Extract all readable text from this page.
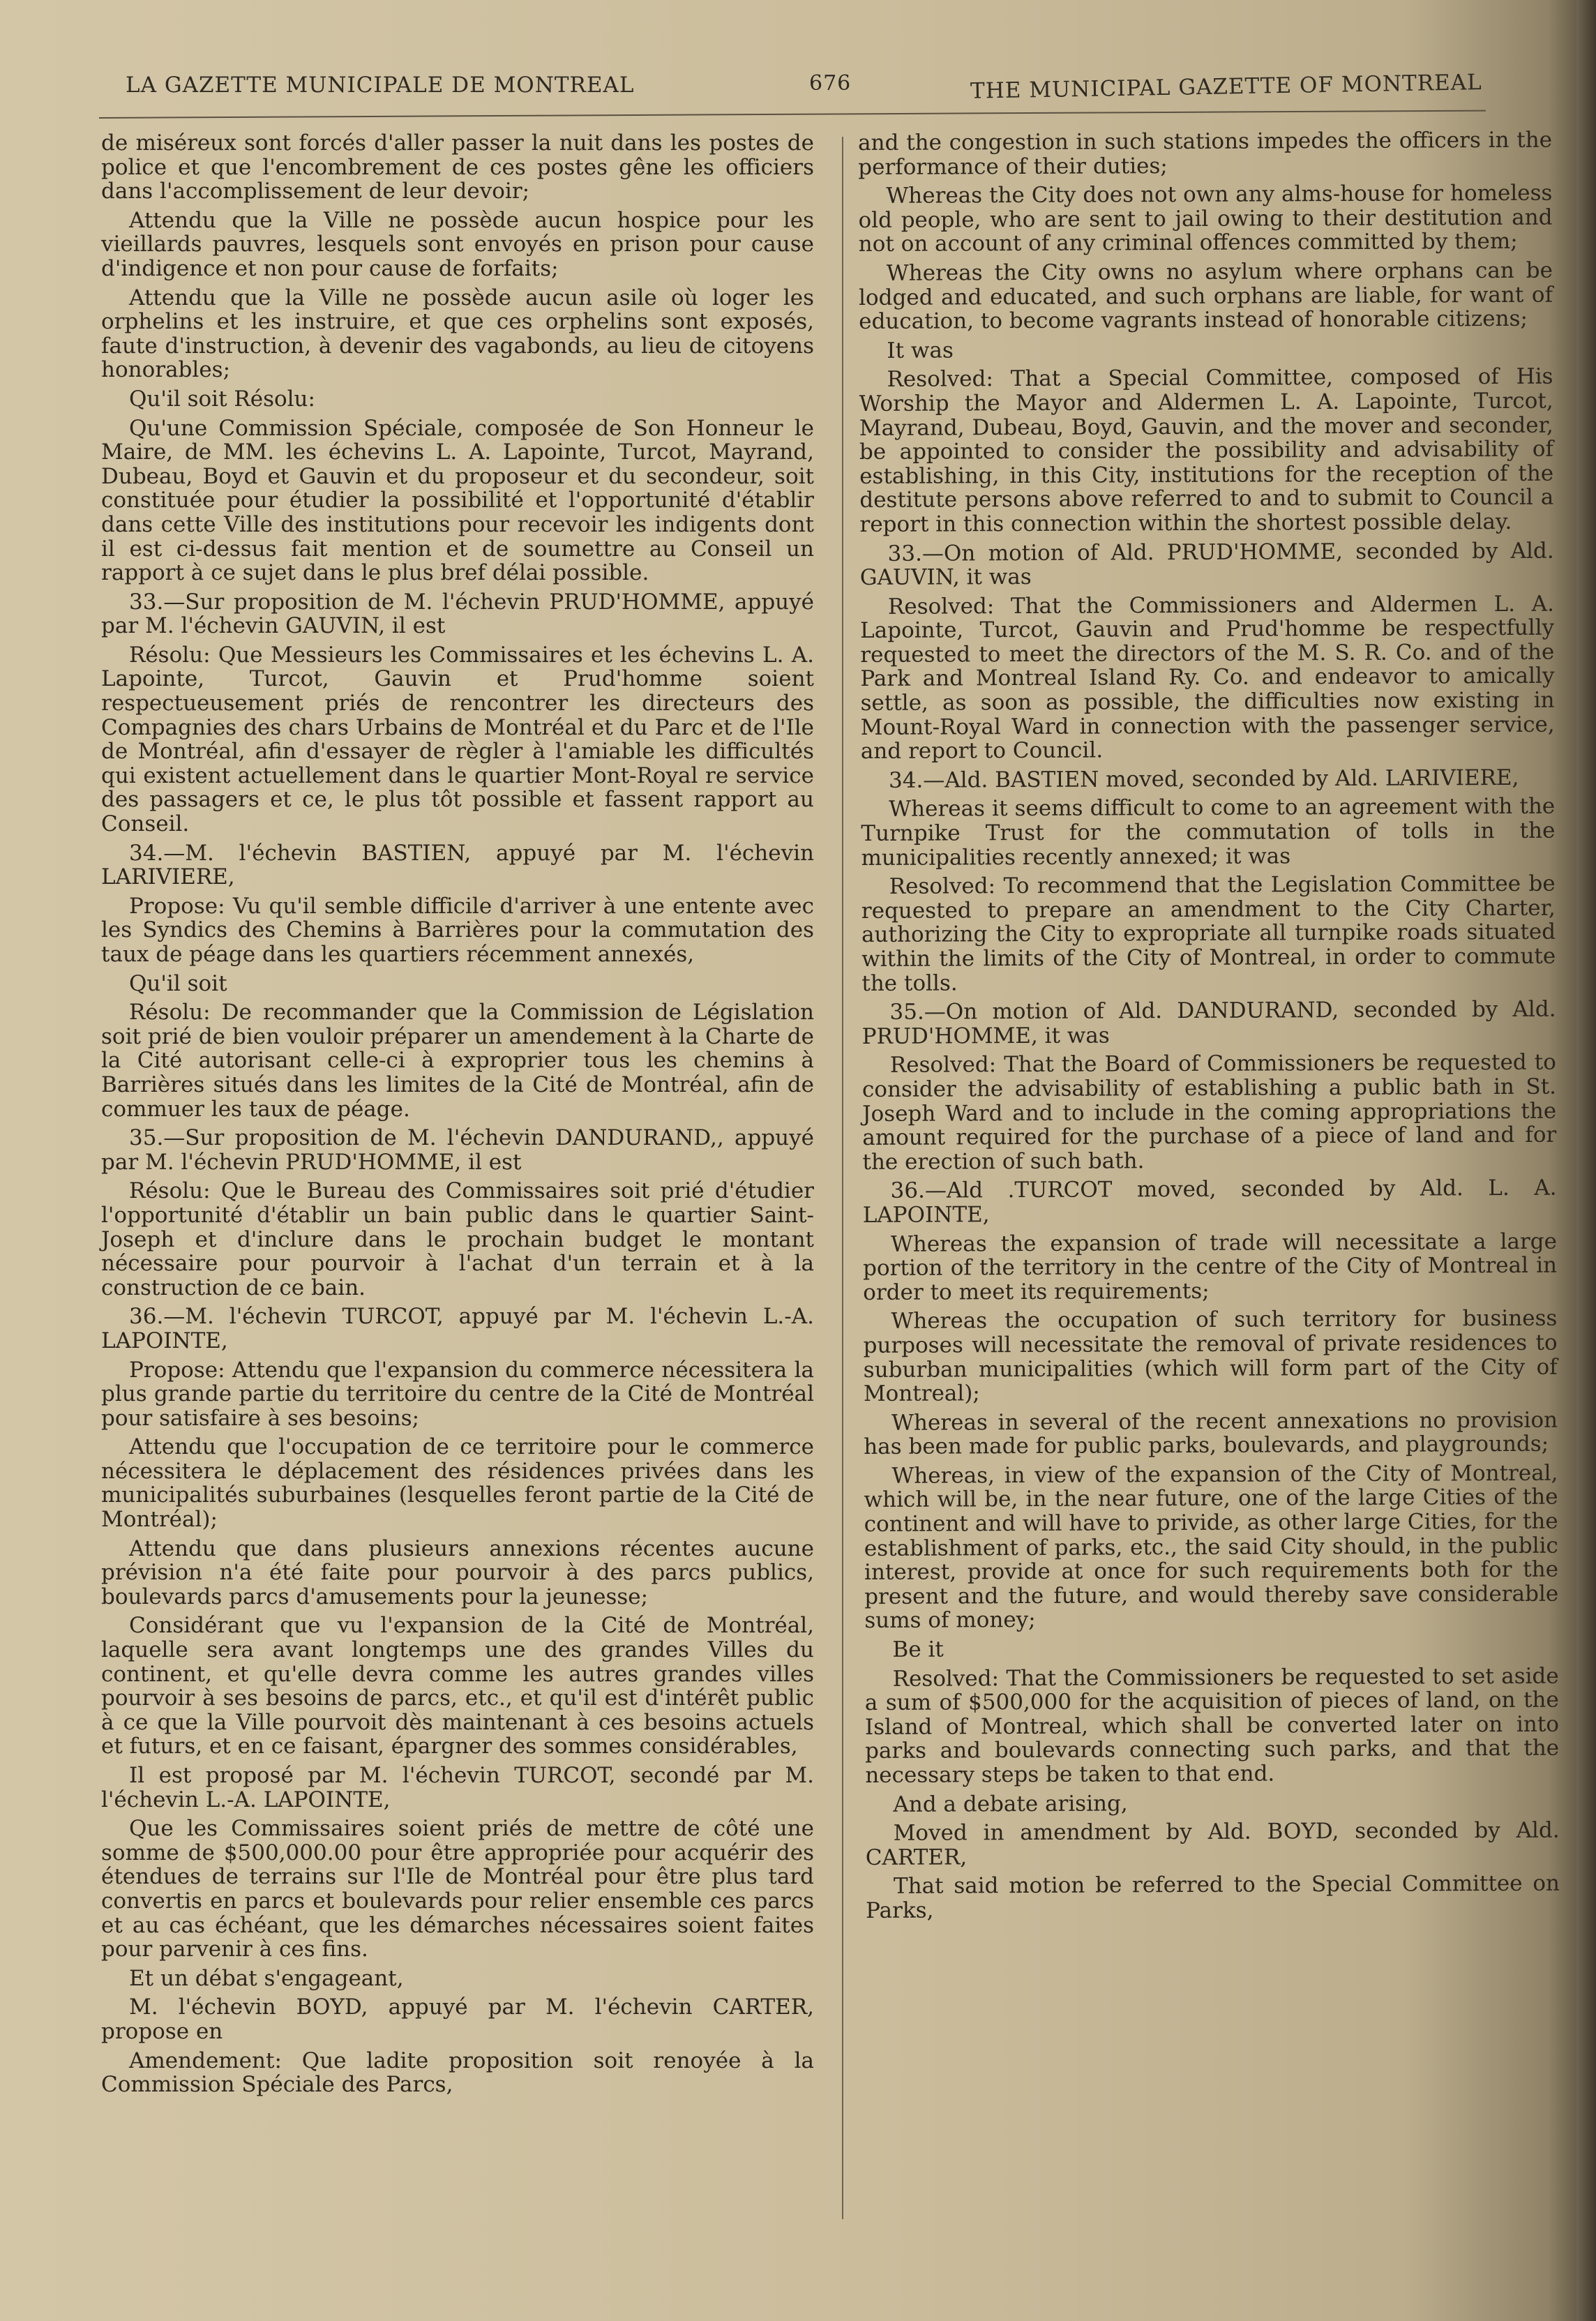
LA GAZETTE MUNICIPALE DE MONTREAL	676	THE MUNICIPAL GAZETTE OF MONTREAL

de miséreux sont forcés d'aller passer la nuit dans les postes de police et que l'encombrement de ces postes gêne les officiers dans l'accomplissement de leur devoir;

Attendu que la Ville ne possède aucun hospice pour les vieillards pauvres, lesquels sont envoyés en prison pour cause d'indigence et non pour cause de forfaits;

Attendu que la Ville ne possède aucun asile où loger les orphelins et les instruire, et que ces orphelins sont exposés, faute d'instruction, à devenir des vagabonds, au lieu de citoyens honorables;

Qu'il soit Résolu:

Qu'une Commission Spéciale, composée de Son Honneur le Maire, de MM. les échevins L. A. Lapointe, Turcot, Mayrand, Dubeau, Boyd et Gauvin et du proposeur et du secondeur, soit constituée pour étudier la possibilité et l'opportunité d'établir dans cette Ville des institutions pour recevoir les indigents dont il est ci-dessus fait mention et de soumettre au Conseil un rapport à ce sujet dans le plus bref délai possible.

33.—Sur proposition de M. l'échevin PRUD'HOMME, appuyé par M. l'échevin GAUVIN, il est

Résolu: Que Messieurs les Commissaires et les échevins L. A. Lapointe, Turcot, Gauvin et Prud'homme soient respectueusement priés de rencontrer les directeurs des Compagnies des chars Urbains de Montréal et du Parc et de l'Ile de Montréal, afin d'essayer de règler à l'amiable les difficultés qui existent actuellement dans le quartier Mont-Royal re service des passagers et ce, le plus tôt possible et fassent rapport au Conseil.

34.—M. l'échevin BASTIEN, appuyé par M. l'échevin LARIVIERE,

Propose: Vu qu'il semble difficile d'arriver à une entente avec les Syndics des Chemins à Barrières pour la commutation des taux de péage dans les quartiers récemment annexés,

Qu'il soit

Résolu: De recommander que la Commission de Législation soit prié de bien vouloir préparer un amendement à la Charte de la Cité autorisant celle-ci à exproprier tous les chemins à Barrières situés dans les limites de la Cité de Montréal, afin de commuer les taux de péage.

35.—Sur proposition de M. l'échevin DANDURAND,, appuyé par M. l'échevin PRUD'HOMME, il est

Résolu: Que le Bureau des Commissaires soit prié d'étudier l'opportunité d'établir un bain public dans le quartier Saint-Joseph et d'inclure dans le prochain budget le montant nécessaire pour pourvoir à l'achat d'un terrain et à la construction de ce bain.

36.—M. l'échevin TURCOT, appuyé par M. l'échevin L.-A. LAPOINTE,

Propose: Attendu que l'expansion du commerce nécessitera la plus grande partie du territoire du centre de la Cité de Montréal pour satisfaire à ses besoins;

Attendu que l'occupation de ce territoire pour le commerce nécessitera le déplacement des résidences privées dans les municipalités suburbaines (lesquelles feront partie de la Cité de Montréal);

Attendu que dans plusieurs annexions récentes aucune prévision n'a été faite pour pourvoir à des parcs publics, boulevards parcs d'amusements pour la jeunesse;

Considérant que vu l'expansion de la Cité de Montréal, laquelle sera avant longtemps une des grandes Villes du continent, et qu'elle devra comme les autres grandes villes pourvoir à ses besoins de parcs, etc., et qu'il est d'intérêt public à ce que la Ville pourvoit dès maintenant à ces besoins actuels et futurs, et en ce faisant, épargner des sommes considérables,

Il est proposé par M. l'échevin TURCOT, secondé par M. l'échevin L.-A. LAPOINTE,

Que les Commissaires soient priés de mettre de côté une somme de $500,000.00 pour être appropriée pour acquérir des étendues de terrains sur l'Ile de Montréal pour être plus tard convertis en parcs et boulevards pour relier ensemble ces parcs et au cas échéant, que les démarches nécessaires soient faites pour parvenir à ces fins.

Et un débat s'engageant,

M. l'échevin BOYD, appuyé par M. l'échevin CARTER, propose en

Amendement: Que ladite proposition soit renoyée à la Commission Spéciale des Parcs,

and the congestion in such stations impedes the officers in the performance of their duties;

Whereas the City does not own any alms-house for homeless old people, who are sent to jail owing to their destitution and not on account of any criminal offences committed by them;

Whereas the City owns no asylum where orphans can be lodged and educated, and such orphans are liable, for want of education, to become vagrants instead of honorable citizens;

It was

Resolved: That a Special Committee, composed of His Worship the Mayor and Aldermen L. A. Lapointe, Turcot, Mayrand, Dubeau, Boyd, Gauvin, and the mover and seconder, be appointed to consider the possibility and advisability of establishing, in this City, institutions for the reception of the destitute persons above referred to and to submit to Council a report in this connection within the shortest possible delay.

33.—On motion of Ald. PRUD'HOMME, seconded by Ald. GAUVIN, it was

Resolved: That the Commissioners and Aldermen L. A. Lapointe, Turcot, Gauvin and Prud'homme be respectfully requested to meet the directors of the M. S. R. Co. and of the Park and Montreal Island Ry. Co. and endeavor to amically settle, as soon as possible, the difficulties now existing in Mount-Royal Ward in connection with the passenger service, and report to Council.

34.—Ald. BASTIEN moved, seconded by Ald. LARIVIERE,

Whereas it seems difficult to come to an agreement with the Turnpike Trust for the commutation of tolls in the municipalities recently annexed; it was

Resolved: To recommend that the Legislation Committee be requested to prepare an amendment to the City Charter, authorizing the City to expropriate all turnpike roads situated within the limits of the City of Montreal, in order to commute the tolls.

35.—On motion of Ald. DANDURAND, seconded by Ald. PRUD'HOMME, it was

Resolved: That the Board of Commissioners be requested to consider the advisability of establishing a public bath in St. Joseph Ward and to include in the coming appropriations the amount required for the purchase of a piece of land and for the erection of such bath.

36.—Ald .TURCOT moved, seconded by Ald. L. A. LAPOINTE,

Whereas the expansion of trade will necessitate a large portion of the territory in the centre of the City of Montreal in order to meet its requirements;

Whereas the occupation of such territory for business purposes will necessitate the removal of private residences to suburban municipalities (which will form part of the City of Montreal);

Whereas in several of the recent annexations no provision has been made for public parks, boulevards, and playgrounds;

Whereas, in view of the expansion of the City of Montreal, which will be, in the near future, one of the large Cities of the continent and will have to privide, as other large Cities, for the establishment of parks, etc., the said City should, in the public interest, provide at once for such requirements both for the present and the future, and would thereby save considerable sums of money;

Be it

Resolved: That the Commissioners be requested to set aside a sum of $500,000 for the acquisition of pieces of land, on the Island of Montreal, which shall be converted later on into parks and boulevards connecting such parks, and that the necessary steps be taken to that end.

And a debate arising,

Moved in amendment by Ald. BOYD, seconded by Ald. CARTER,

That said motion be referred to the Special Committee on Parks,
